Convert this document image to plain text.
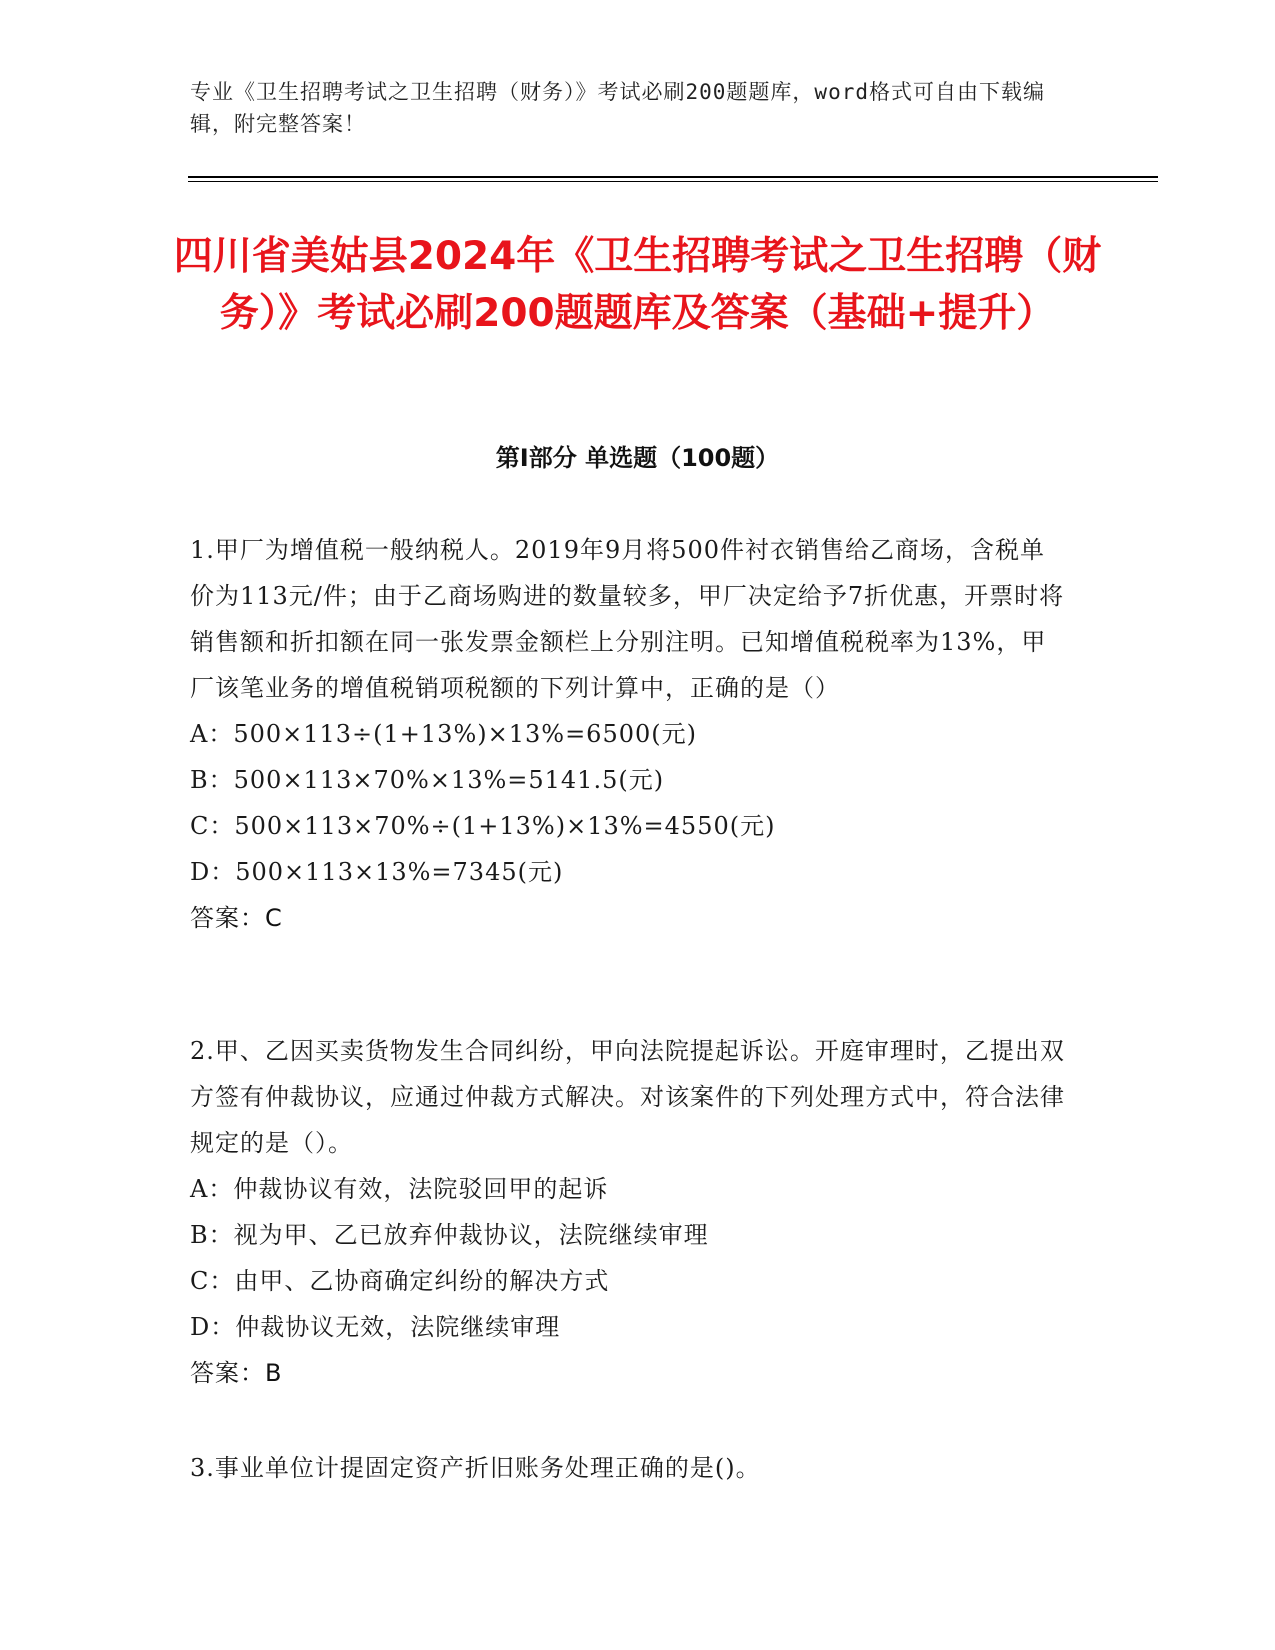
专业《卫生招聘考试之卫生招聘（财务）》考试必刷200题题库，word格式可自由下载编辑，附完整答案！
四川省美姑县2024年《卫生招聘考试之卫生招聘（财务）》考试必刷200题题库及答案（基础+提升）
第Ⅰ部分 单选题（100题）

1.甲厂为增值税一般纳税人。2019年9月将500件衬衣销售给乙商场，含税单价为113元/件；由于乙商场购进的数量较多，甲厂决定给予7折优惠，开票时将销售额和折扣额在同一张发票金额栏上分别注明。已知增值税税率为13%，甲厂该笔业务的增值税销项税额的下列计算中，正确的是（）

A：500×113÷(1+13%)×13%=6500(元)

B：500×113×70%×13%=5141.5(元)

C：500×113×70%÷(1+13%)×13%=4550(元)

D：500×113×13%=7345(元)

答案：C

2.甲、乙因买卖货物发生合同纠纷，甲向法院提起诉讼。开庭审理时，乙提出双方签有仲裁协议，应通过仲裁方式解决。对该案件的下列处理方式中，符合法律规定的是（）。

A：仲裁协议有效，法院驳回甲的起诉

B：视为甲、乙已放弃仲裁协议，法院继续审理

C：由甲、乙协商确定纠纷的解决方式

D：仲裁协议无效，法院继续审理

答案：B

3.事业单位计提固定资产折旧账务处理正确的是()。
